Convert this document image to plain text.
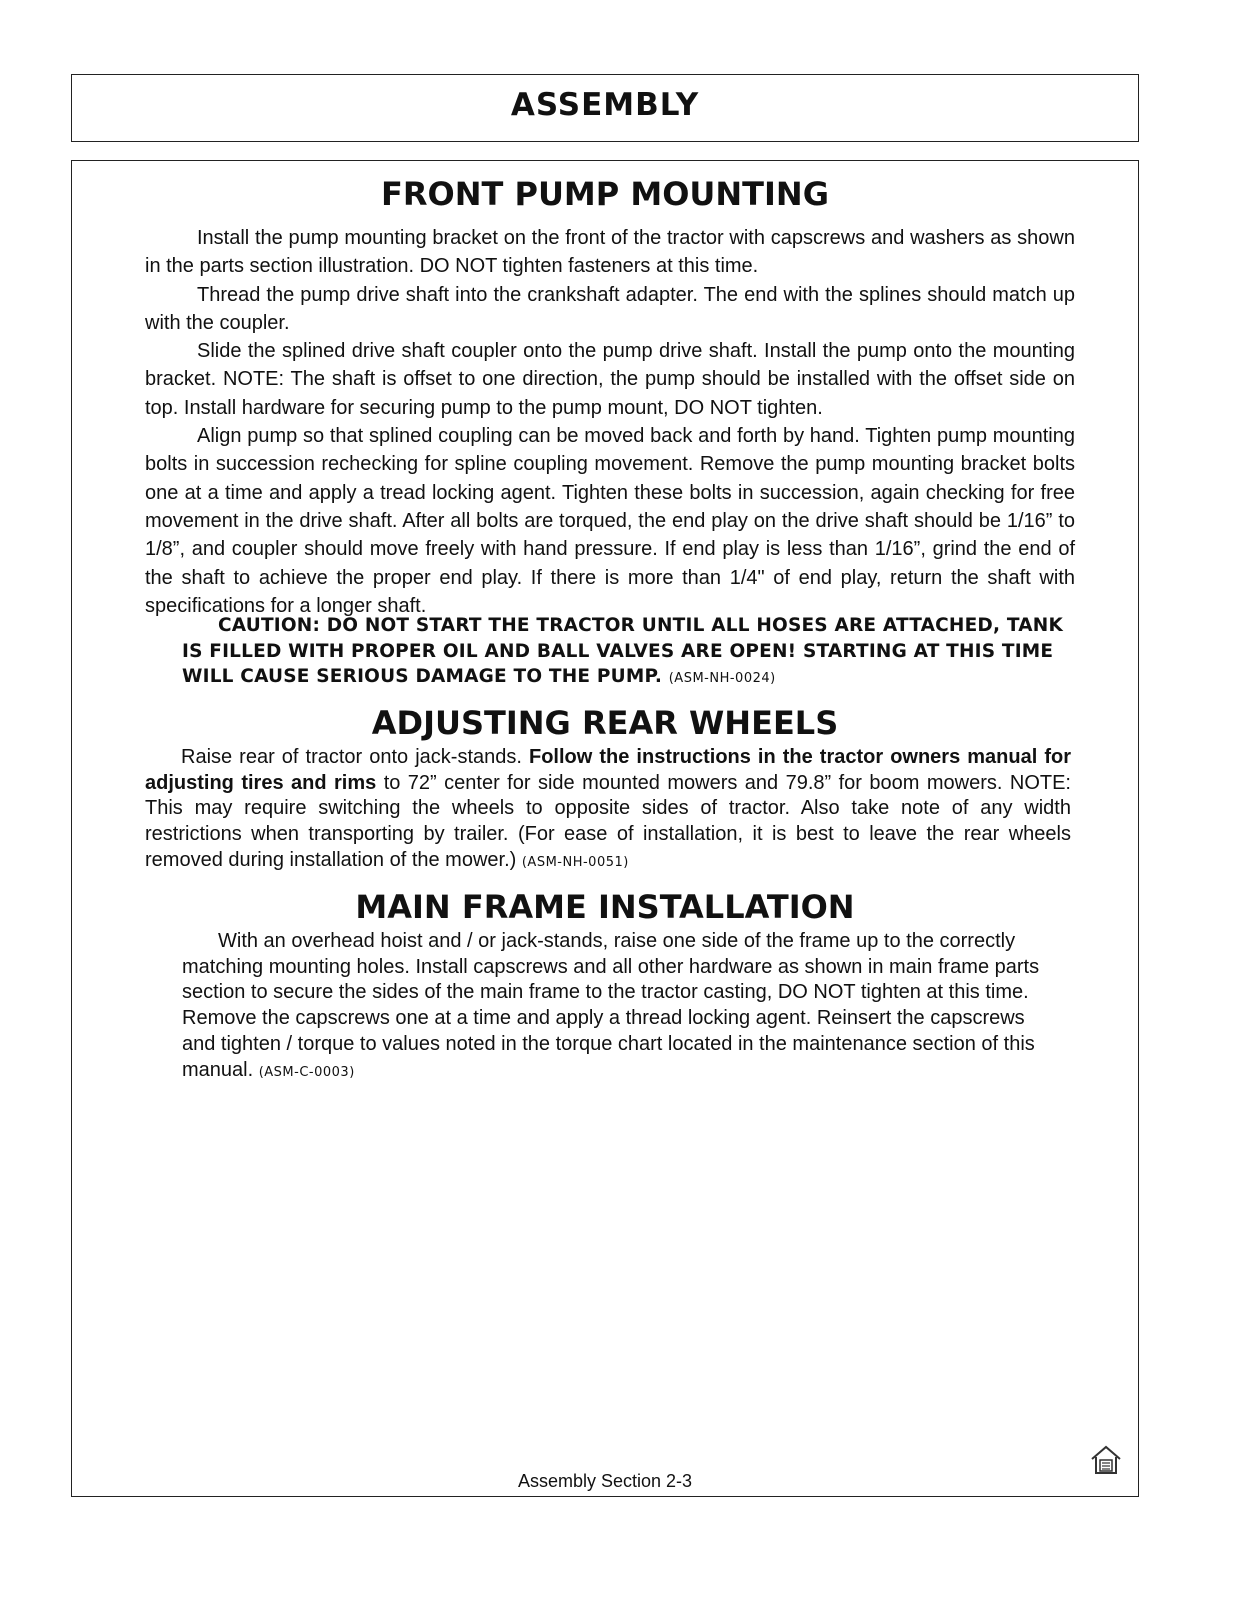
ASSEMBLY
FRONT PUMP MOUNTING
Install the pump mounting bracket on the front of the tractor with capscrews and washers as shown in the parts section illustration. DO NOT tighten fasteners at this time.
Thread the pump drive shaft into the crankshaft adapter. The end with the splines should match up with the coupler.
Slide the splined drive shaft coupler onto the pump drive shaft. Install the pump onto the mounting bracket. NOTE: The shaft is offset to one direction, the pump should be installed with the offset side on top. Install hardware for securing pump to the pump mount, DO NOT tighten.
Align pump so that splined coupling can be moved back and forth by hand. Tighten pump mounting bolts in succession rechecking for spline coupling movement. Remove the pump mounting bracket bolts one at a time and apply a tread locking agent. Tighten these bolts in succession, again checking for free movement in the drive shaft. After all bolts are torqued, the end play on the drive shaft should be 1/16” to 1/8”, and coupler should move freely with hand pressure. If end play is less than 1/16”, grind the end of the shaft to achieve the proper end play. If there is more than 1/4" of end play, return the shaft with specifications for a longer shaft.
CAUTION: DO NOT START THE TRACTOR UNTIL ALL HOSES ARE ATTACHED, TANK IS FILLED WITH PROPER OIL AND BALL VALVES ARE OPEN! STARTING AT THIS TIME WILL CAUSE SERIOUS DAMAGE TO THE PUMP. (ASM-NH-0024)
ADJUSTING REAR WHEELS
Raise rear of tractor onto jack-stands. Follow the instructions in the tractor owners manual for adjusting tires and rims to 72” center for side mounted mowers and 79.8” for boom mowers. NOTE: This may require switching the wheels to opposite sides of tractor. Also take note of any width restrictions when transporting by trailer. (For ease of installation, it is best to leave the rear wheels removed during installation of the mower.) (ASM-NH-0051)
MAIN FRAME INSTALLATION
With an overhead hoist and / or jack-stands, raise one side of the frame up to the correctly matching mounting holes. Install capscrews and all other hardware as shown in main frame parts section to secure the sides of the main frame to the tractor casting, DO NOT tighten at this time. Remove the capscrews one at a time and apply a thread locking agent. Reinsert the capscrews and tighten / torque to values noted in the torque chart located in the maintenance section of this manual. (ASM-C-0003)
Assembly Section 2-3
